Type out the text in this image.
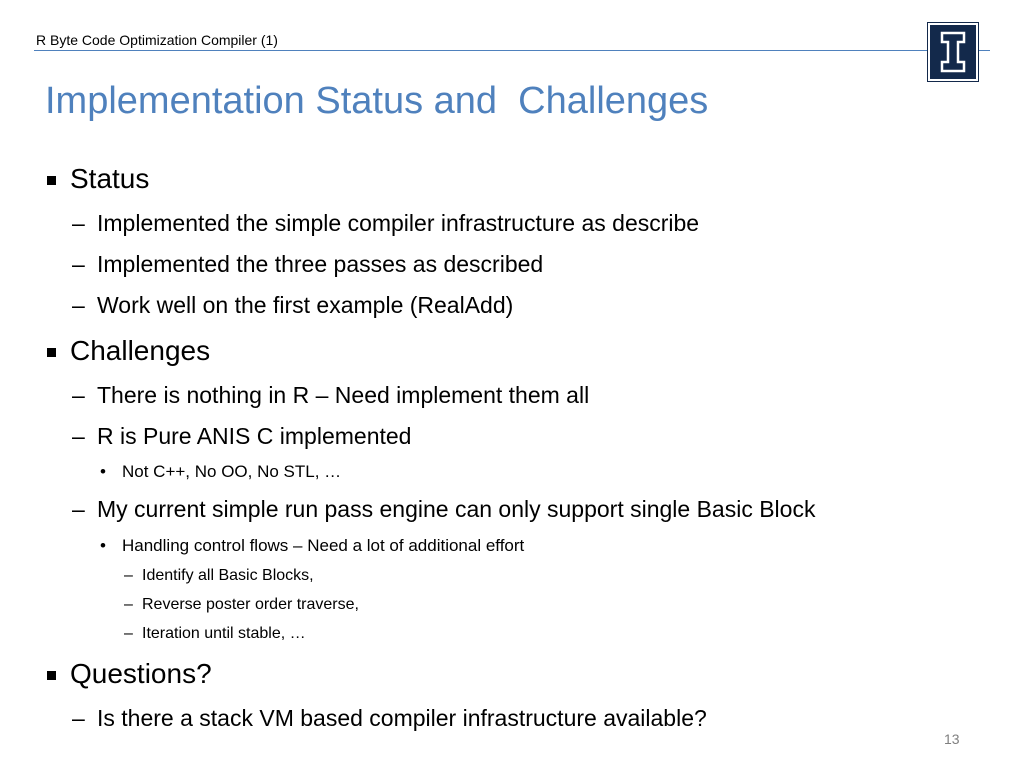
R Byte Code Optimization Compiler (1)
Implementation Status and  Challenges
Status
– Implemented the simple compiler infrastructure as describe
– Implemented the three passes as described
– Work well on the first example (RealAdd)
Challenges
– There is nothing in R – Need implement them all
– R is Pure ANIS C implemented
• Not C++, No OO, No STL, …
– My current simple run pass engine can only support single Basic Block
• Handling control flows – Need a lot of additional effort
– Identify all Basic Blocks,
– Reverse poster order traverse,
– Iteration until stable, …
Questions?
– Is there a stack VM based compiler infrastructure available?
13
